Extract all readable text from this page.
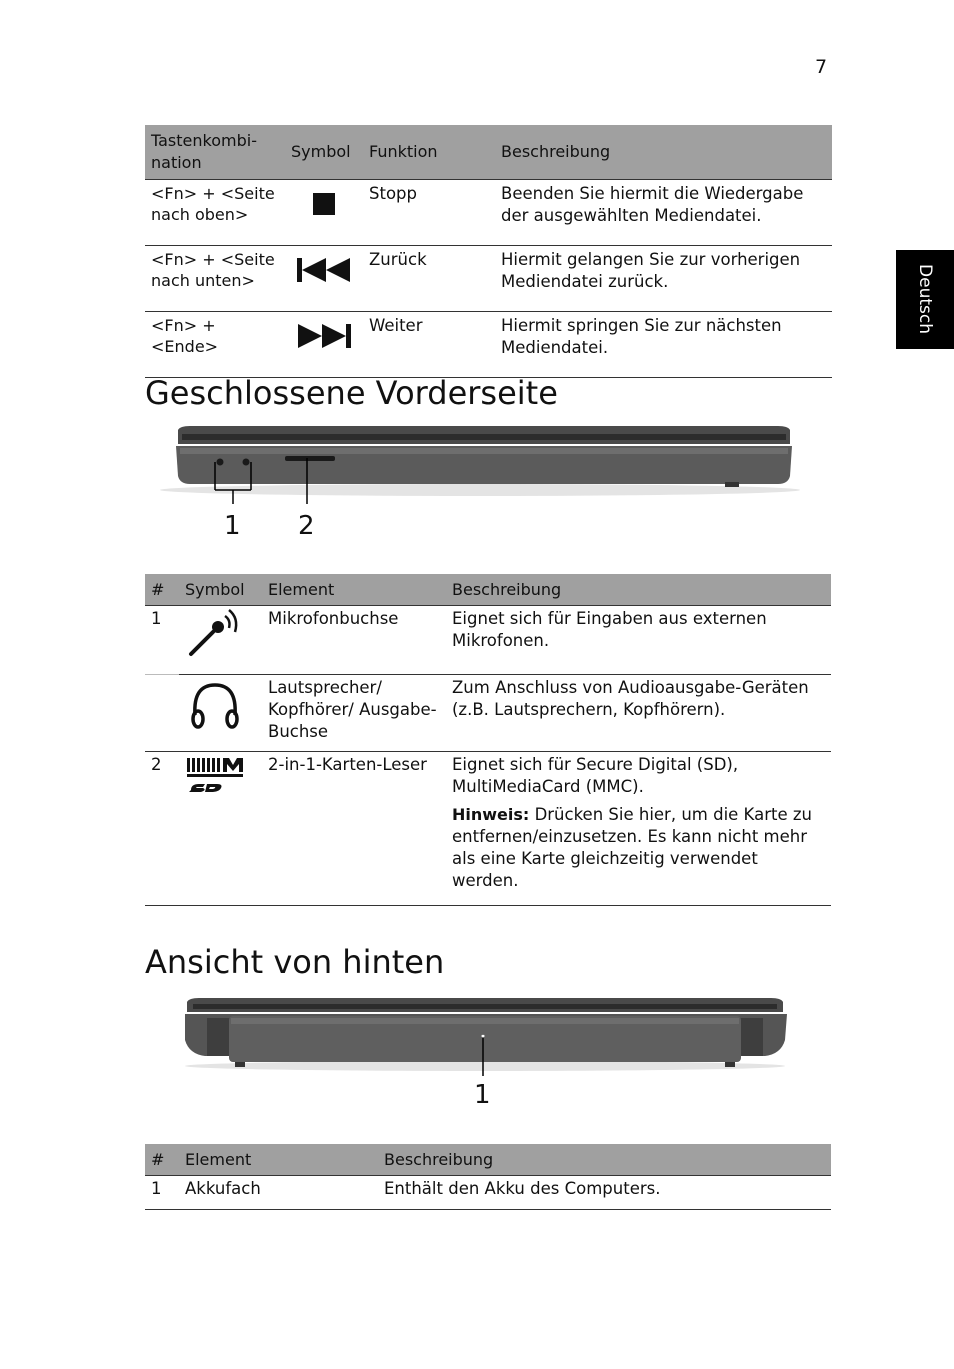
7
Deutsch
Tastenkombi-
nation	Symbol	Funktion	Beschreibung
<Fn> + <Seite nach oben>		Stopp	Beenden Sie hiermit die Wiedergabe der ausgewählten Mediendatei.
<Fn> + <Seite nach unten>		Zurück	Hiermit gelangen Sie zur vorherigen Mediendatei zurück.
<Fn> + <Ende>		Weiter	Hiermit springen Sie zur nächsten Mediendatei.
Geschlossene Vorderseite
1 2
#	Symbol	Element	Beschreibung
1		Mikrofonbuchse	Eignet sich für Eingaben aus externen Mikrofonen.
		Lautsprecher/ Kopfhörer/ Ausgabe-Buchse	Zum Anschluss von Audioausgabe-Geräten (z.B. Lautsprechern, Kopfhörern).
2		2-in-1-Karten-Leser	Eignet sich für Secure Digital (SD), MultiMediaCard (MMC).

Hinweis: Drücken Sie hier, um die Karte zu entfernen/einzusetzen. Es kann nicht mehr als eine Karte gleichzeitig verwendet werden.

Ansicht von hinten
1
#	Element	Beschreibung
1	Akkufach	Enthält den Akku des Computers.
